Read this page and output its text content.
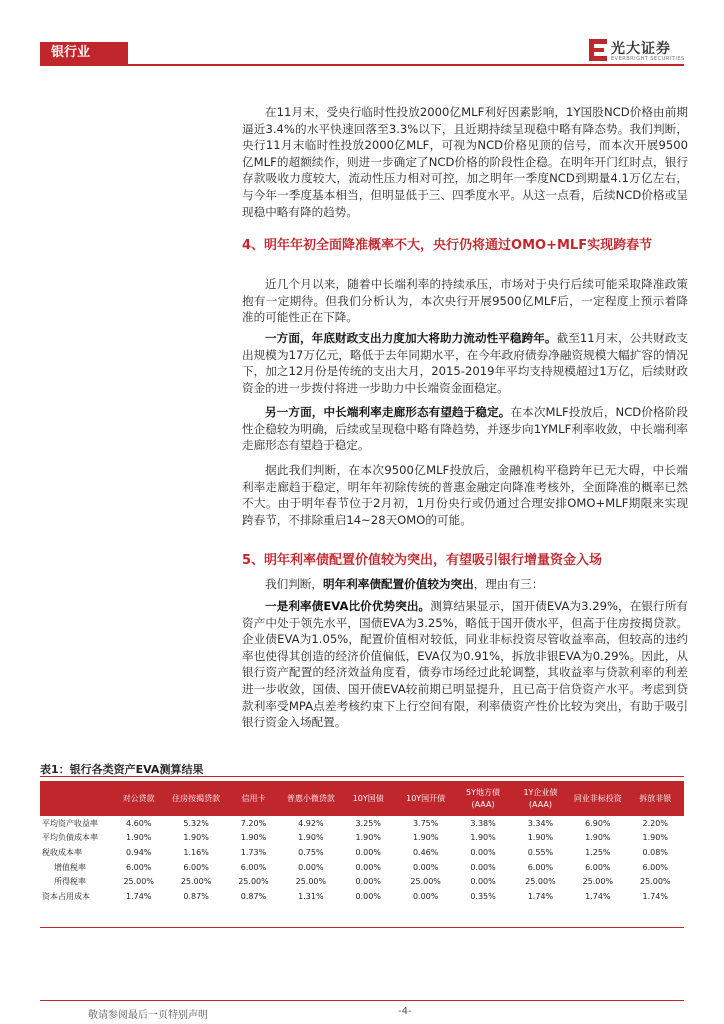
银行业	光大证券
EVERBRIGHT SECURITIES

在11月末，受央行临时性投放2000亿MLF利好因素影响，1Y国股NCD价格由前期逼近3.4%的水平快速回落至3.3%以下，且近期持续呈现稳中略有降态势。我们判断，央行11月末临时性投放2000亿MLF，可视为NCD价格见顶的信号，而本次开展9500亿MLF的超额续作，则进一步确定了NCD价格的阶段性企稳。在明年开门红时点，银行存款吸收力度较大，流动性压力相对可控，加之明年一季度NCD到期量4.1万亿左右，与今年一季度基本相当，但明显低于三、四季度水平。从这一点看，后续NCD价格或呈现稳中略有降的趋势。

4、明年年初全面降准概率不大，央行仍将通过OMO+MLF实现跨春节

近几个月以来，随着中长端利率的持续承压，市场对于央行后续可能采取降准政策抱有一定期待。但我们分析认为，本次央行开展9500亿MLF后，一定程度上预示着降准的可能性正在下降。

一方面，年底财政支出力度加大将助力流动性平稳跨年。截至11月末，公共财政支出规模为17万亿元，略低于去年同期水平，在今年政府债券净融资规模大幅扩容的情况下，加之12月份是传统的支出大月，2015-2019年平均支持规模超过1万亿，后续财政资金的进一步拨付将进一步助力中长端资金面稳定。

另一方面，中长端利率走廊形态有望趋于稳定。在本次MLF投放后，NCD价格阶段性企稳较为明确，后续或呈现稳中略有降趋势，并逐步向1YMLF利率收敛，中长端利率走廊形态有望趋于稳定。

据此我们判断，在本次9500亿MLF投放后，金融机构平稳跨年已无大碍，中长端利率走廊趋于稳定，明年年初除传统的普惠金融定向降准考核外，全面降准的概率已然不大。由于明年春节位于2月初，1月份央行或仍通过合理安排OMO+MLF期限来实现跨春节，不排除重启14~28天OMO的可能。

5、明年利率债配置价值较为突出，有望吸引银行增量资金入场

我们判断，明年利率债配置价值较为突出，理由有三：

一是利率债EVA比价优势突出。测算结果显示，国开债EVA为3.29%，在银行所有资产中处于领先水平，国债EVA为3.25%，略低于国开债水平，但高于住房按揭贷款。企业债EVA为1.05%，配置价值相对较低，同业非标投资尽管收益率高，但较高的违约率也使得其创造的经济价值偏低，EVA仅为0.91%，拆放非银EVA为0.29%。因此，从银行资产配置的经济效益角度看，债券市场经过此轮调整，其收益率与贷款利率的利差进一步收敛，国债、国开债EVA较前期已明显提升，且已高于信贷资产水平。考虑到贷款利率受MPA点差考核约束下上行空间有限，利率债资产性价比较为突出，有助于吸引银行资金入场配置。

表1：银行各类资产EVA测算结果
	对公贷款	住房按揭贷款	信用卡	普惠小微贷款	10Y国债	10Y国开债	5Y地方债(AAA)	1Y企业债(AAA)	同业非标投资	拆放非银
平均资产收益率	4.60%	5.32%	7.20%	4.92%	3.25%	3.75%	3.38%	3.34%	6.90%	2.20%
平均负债成本率	1.90%	1.90%	1.90%	1.90%	1.90%	1.90%	1.90%	1.90%	1.90%	1.90%
税收成本率	0.94%	1.16%	1.73%	0.75%	0.00%	0.46%	0.00%	0.55%	1.25%	0.08%
增值税率	6.00%	6.00%	6.00%	0.00%	0.00%	0.00%	0.00%	6.00%	6.00%	6.00%
所得税率	25.00%	25.00%	25.00%	25.00%	0.00%	25.00%	0.00%	25.00%	25.00%	25.00%
资本占用成本	1.74%	0.87%	0.87%	1.31%	0.00%	0.00%	0.35%	1.74%	1.74%	1.74%
敬请参阅最后一页特别声明	-4-
